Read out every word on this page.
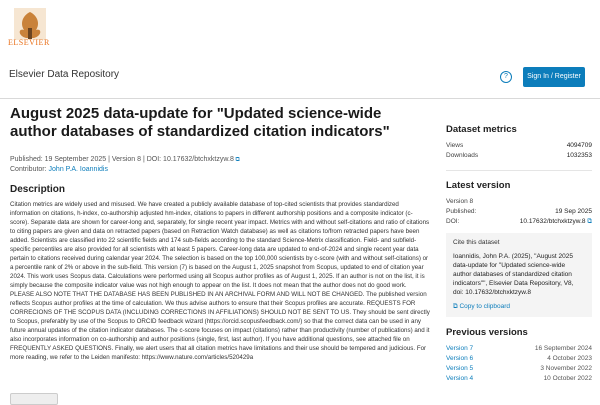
ELSEVIER
Elsevier Data Repository	?	Sign In / Register
August 2025 data-update for "Updated science-wide author databases of standardized citation indicators"
Published: 19 September 2025 | Version 8 | DOI: 10.17632/btchxktzyw.8 ⧉
Contributor: John P.A. Ioannidis
Description
Citation metrics are widely used and misused. We have created a publicly available database of top-cited scientists that provides standardized information on citations, h-index, co-authorship adjusted hm-index, citations to papers in different authorship positions and a composite indicator (c-score). Separate data are shown for career-long and, separately, for single recent year impact. Metrics with and without self-citations and ratio of citations to citing papers are given and data on retracted papers (based on Retraction Watch database) as well as citations to/from retracted papers have been added. Scientists are classified into 22 scientific fields and 174 sub-fields according to the standard Science-Metrix classification. Field- and subfield-specific percentiles are also provided for all scientists with at least 5 papers. Career-long data are updated to end-of-2024 and single recent year data pertain to citations received during calendar year 2024. The selection is based on the top 100,000 scientists by c-score (with and without self-citations) or a percentile rank of 2% or above in the sub-field. This version (7) is based on the August 1, 2025 snapshot from Scopus, updated to end of citation year 2024. This work uses Scopus data. Calculations were performed using all Scopus author profiles as of August 1, 2025. If an author is not on the list, it is simply because the composite indicator value was not high enough to appear on the list. It does not mean that the author does not do good work. PLEASE ALSO NOTE THAT THE DATABASE HAS BEEN PUBLISHED IN AN ARCHIVAL FORM AND WILL NOT BE CHANGED. The published version reflects Scopus author profiles at the time of calculation. We thus advise authors to ensure that their Scopus profiles are accurate. REQUESTS FOR CORRECIONS OF THE SCOPUS DATA (INCLUDING CORRECTIONS IN AFFILIATIONS) SHOULD NOT BE SENT TO US. They should be sent directly to Scopus, preferably by use of the Scopus to ORCID feedback wizard (https://orcid.scopusfeedback.com/) so that the correct data can be used in any future annual updates of the citation indicator databases. The c-score focuses on impact (citations) rather than productivity (number of publications) and it also incorporates information on co-authorship and author positions (single, first, last author). If you have additional questions, see attached file on FREQUENTLY ASKED QUESTIONS. Finally, we alert users that all citation metrics have limitations and their use should be tempered and judicious. For more reading, we refer to the Leiden manifesto: https://www.nature.com/articles/520429a
Dataset metrics
Views	4094709
Downloads	1032353
Latest version
Version 8
Published:	19 Sep 2025
DOI:	10.17632/btchxktzyw.8 ⧉
Cite this dataset
Ioannidis, John P.A. (2025), "August 2025 data-update for "Updated science-wide author databases of standardized citation indicators"", Elsevier Data Repository, V8, doi: 10.17632/btchxktzyw.8
⧉ Copy to clipboard
Previous versions
Version 7	16 September 2024
Version 6	4 October 2023
Version 5	3 November 2022
Version 4	10 October 2022
